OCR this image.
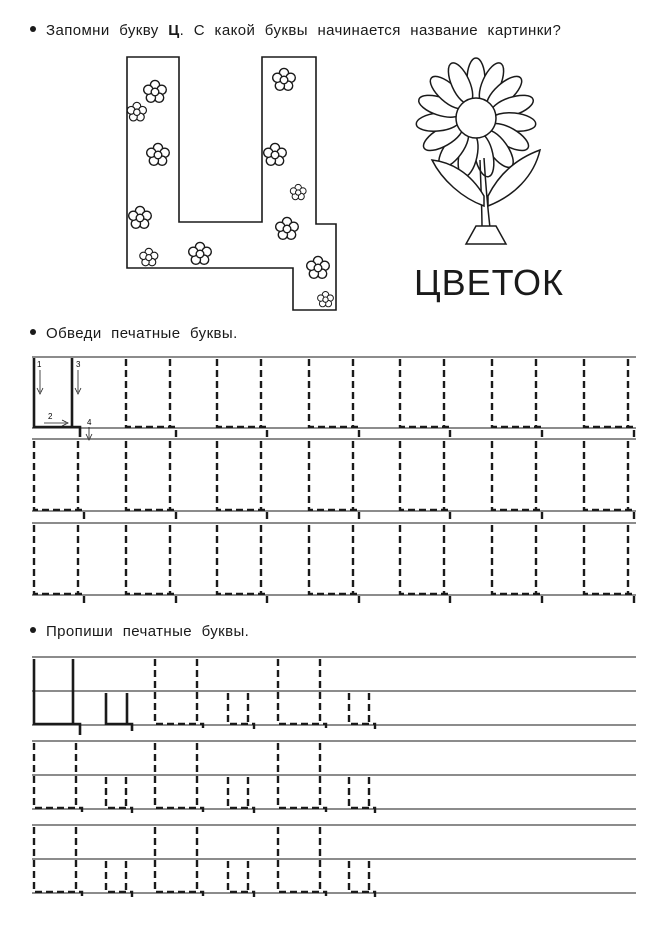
Запомни букву Ц. С какой буквы начинается название картинки?
Обведи печатные буквы.
Пропиши печатные буквы.
ЦВЕТОК
1
2
3
4
